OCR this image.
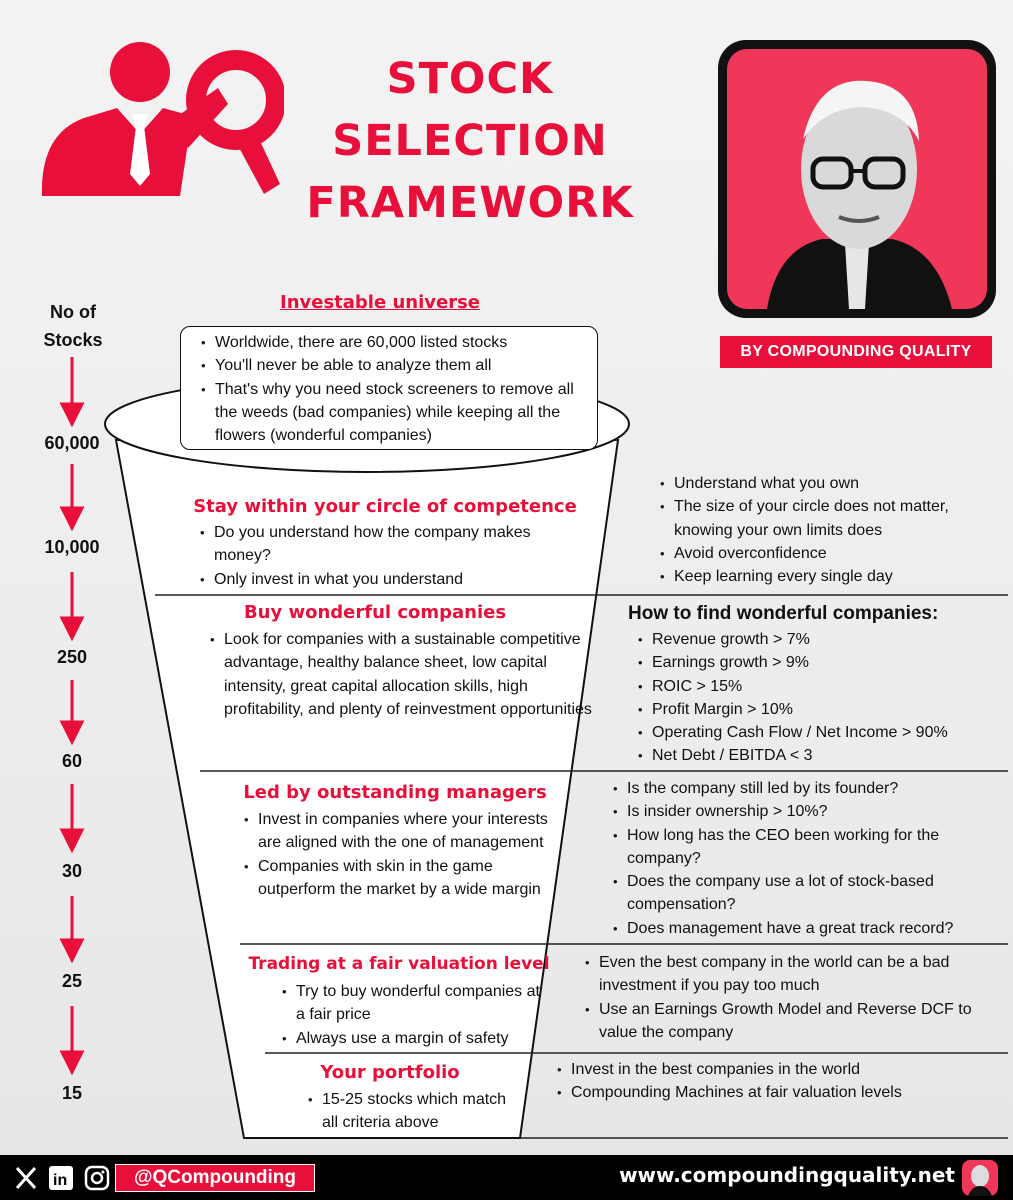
STOCK
SELECTION
FRAMEWORK
BY COMPOUNDING QUALITY
No of
Stocks
60,000
10,000
250
60
30
25
15
Investable universe
• Worldwide, there are 60,000 listed stocks
• You'll never be able to analyze them all
• That's why you need stock screeners to remove all the weeds (bad companies) while keeping all the flowers (wonderful companies)
Stay within your circle of competence
• Do you understand how the company makes money?
• Only invest in what you understand
• Understand what you own
• The size of your circle does not matter, knowing your own limits does
• Avoid overconfidence
• Keep learning every single day
Buy wonderful companies
• Look for companies with a sustainable competitive advantage, healthy balance sheet, low capital intensity, great capital allocation skills, high profitability, and plenty of reinvestment opportunities
How to find wonderful companies:
• Revenue growth > 7%
• Earnings growth > 9%
• ROIC > 15%
• Profit Margin > 10%
• Operating Cash Flow / Net Income > 90%
• Net Debt / EBITDA < 3
Led by outstanding managers
• Invest in companies where your interests are aligned with the one of management
• Companies with skin in the game outperform the market by a wide margin
• Is the company still led by its founder?
• Is insider ownership > 10%?
• How long has the CEO been working for the company?
• Does the company use a lot of stock-based compensation?
• Does management have a great track record?
Trading at a fair valuation level
• Try to buy wonderful companies at a fair price
• Always use a margin of safety
• Even the best company in the world can be a bad investment if you pay too much
• Use an Earnings Growth Model and Reverse DCF to value the company
Your portfolio
• 15-25 stocks which match all criteria above
• Invest in the best companies in the world
• Compounding Machines at fair valuation levels
in	@QCompounding	www.compoundingquality.net
